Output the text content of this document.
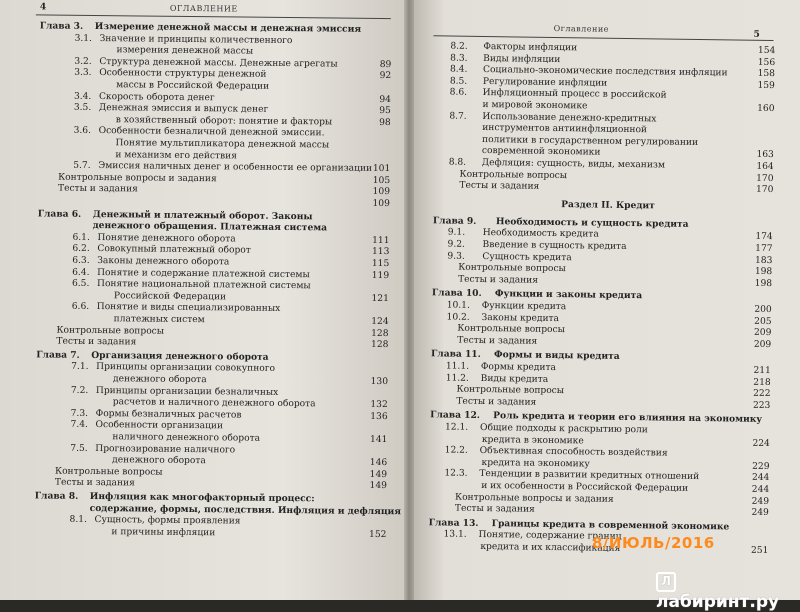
4	ОГЛАВЛЕНИЕ
Глава 3. Измерение денежной массы и денежная эмиссия
3.1. Значение и принципы количественного
измерения денежной массы
3.2. Структура денежной массы. Денежные агрегаты	89
3.3. Особенности структуры денежной	92
массы в Российской Федерации
3.4. Скорость оборота денег	94
3.5. Денежная эмиссия и выпуск денег	95
в хозяйственный оборот: понятие и факторы	98
3.6. Особенности безналичной денежной эмиссии.
Понятие мультипликатора денежной массы
и механизм его действия
5.7. Эмиссия наличных денег и особенности ее организации 101
Контрольные вопросы и задания	105
Тесты и задания	109
109
Глава 6. Денежный и платежный оборот. Законы
денежного обращения. Платежная система
6.1. Понятие денежного оборота	111
6.2. Совокупный платежный оборот	113
6.3. Законы денежного оборота	115
6.4. Понятие и содержание платежной системы	119
6.5. Понятие национальной платежной системы
Российской Федерации	121
6.6. Понятие и виды специализированных
платежных систем	124
Контрольные вопросы	128
Тесты и задания	128
Глава 7. Организация денежного оборота
7.1. Принципы организации совокупного
денежного оборота	130
7.2. Принципы организации безналичных
расчетов и наличного денежного оборота	132
7.3. Формы безналичных расчетов	136
7.4. Особенности организации
наличного денежного оборота	141
7.5. Прогнозирование наличного
денежного оборота	146
Контрольные вопросы	149
Тесты и задания	149
Глава 8. Инфляция как многофакторный процесс:
содержание, формы, последствия. Инфляция и дефляция
8.1. Сущность, формы проявления
и причины инфляции	152
Оглавление
5
8.2. Факторы инфляции	154
8.3. Виды инфляции	156
8.4. Социально-экономические последствия инфляции	158
8.5. Регулирование инфляции	159
8.6. Инфляционный процесс в российской
и мировой экономике	160
8.7. Использование денежно-кредитных
инструментов антиинфляционной
политики в государственном регулировании
современной экономики	163
8.8. Дефляция: сущность, виды, механизм	164
Контрольные вопросы	170
Тесты и задания	170
Раздел II. Кредит
Глава 9. Необходимость и сущность кредита
9.1. Необходимость кредита	174
9.2. Введение в сущность кредита	177
9.3. Сущность кредита	183
Контрольные вопросы	198
Тесты и задания	198
Глава 10. Функции и законы кредита
10.1. Функции кредита	200
10.2. Законы кредита	205
Контрольные вопросы	209
Тесты и задания	209
Глава 11. Формы и виды кредита
11.1. Формы кредита	211
11.2. Виды кредита	218
Контрольные вопросы	222
Тесты и задания	223
Глава 12. Роль кредита и теории его влияния на экономику
12.1. Общие подходы к раскрытию роли
кредита в экономике	224
12.2. Объективная способность воздействия
кредита на экономику	229
12.3. Тенденции в развитии кредитных отношений	244
и их особенности в Российской Федерации	244
Контрольные вопросы и задания	249
Тесты и задания	249
Глава 13. Границы кредита в современной экономике
13.1. Понятие, содержание границ
кредита и их классификация	251
8/ИЮЛЬ/2016
Ллабиринт.ру
